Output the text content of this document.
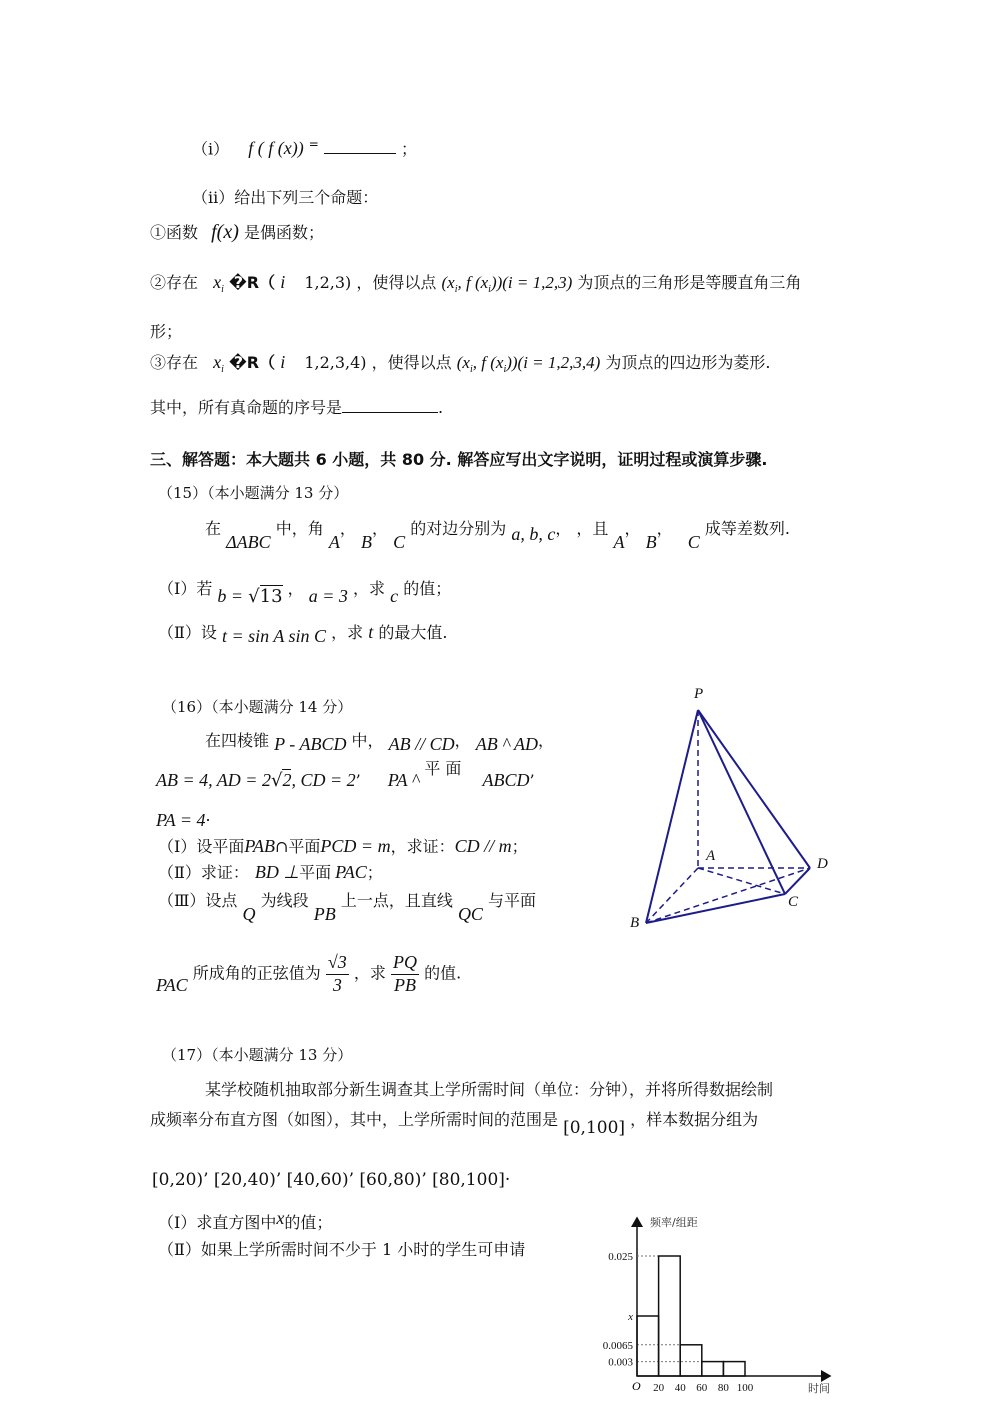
（ⅰ） f ( f (x)) =	；
（ⅱ）给出下列三个命题：
①函数 f(x) 是偶函数；
②存在 $x_i$ �R（ i 1,2,3) ，使得以点 ($x_i$, f $(x_i))(i = 1,2,3)$ 为顶点的三角形是等腰直角三角
形；
③存在 $x_i$ �R（ i 1,2,3,4) ，使得以点 ($x_i$, f $(x_i))(i = 1,2,3,4)$ 为顶点的四边形为菱形.
其中，所有真命题的序号是	.
三、解答题：本大题共 6 小题，共 80 分. 解答应写出文字说明，证明过程或演算步骤.
（15）（本小题满分 13 分）
在 ΔABC 中，角 A， B， C 的对边分别为 a, b, c， ，且 A， B， C 成等差数列.
（Ⅰ）若 b = √13 ， a = 3 ，求 c 的值；
（Ⅱ）设 t = sin A sin C ，求 t 的最大值.
（16）（本小题满分 14 分）
在四棱锥 P - ABCD 中， AB // CD， AB ^ AD，
AB = 4, AD = 2√2, CD = 2’ PA ^ 平 面 ABCD’
PA = 4·
（Ⅰ）设平面PAB∩平面PCD = m，求证：CD // m；
（Ⅱ）求证： BD ⊥平面 PAC；
（Ⅲ）设点 Q 为线段 PB 上一点，且直线 QC 与平面
PAC 所成角的正弦值为 $\frac{√3}{3}$ ，求 $\frac{PQ}{PB}$ 的值.
P
A
B
C
D
（17）（本小题满分 13 分）
某学校随机抽取部分新生调查其上学所需时间（单位：分钟），并将所得数据绘制
成频率分布直方图（如图），其中，上学所需时间的范围是 [0,100] ，样本数据分组为
[0,20)’ [20,40)’ [40,60)’ [60,80)’ [80,100]·
（Ⅰ）求直方图中x的值；
（Ⅱ）如果上学所需时间不少于 1 小时的学生可申请
x
0.025
0.0065
0.003
20 40 60 80 100
O
频率/组距
时间
